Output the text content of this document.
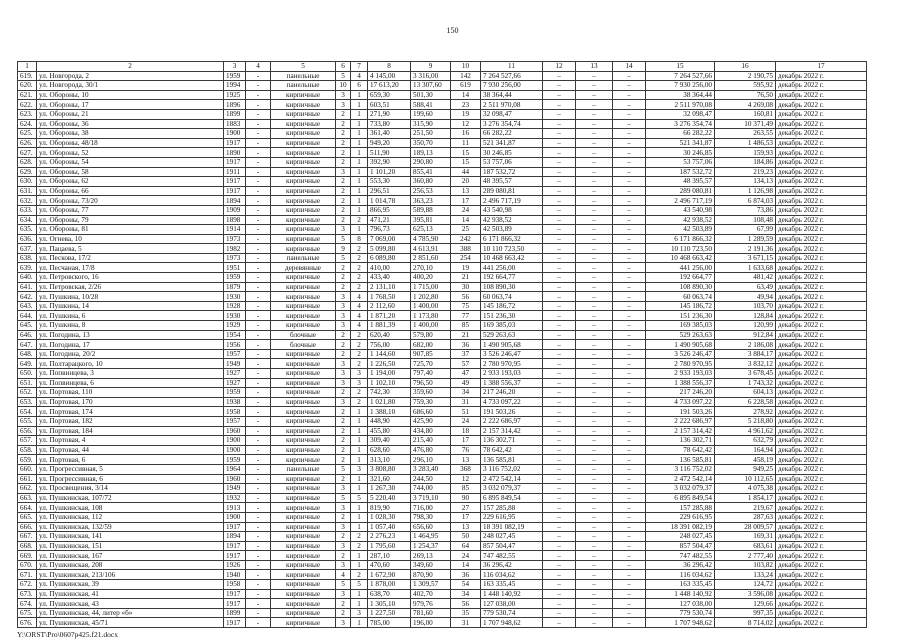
150
1	2	3	4	5	6	7	8	9	10	11	12	13	14	15	16	17
619.	ул. Новгорода, 2	1959	-	панельные	5	4	4 145,00	3 316,00	142	7 264 527,66	–	–	–	7 264 527,66	2 190,75	декабрь 2022 г.
620.	ул. Новгорода, 30/1	1994	-	панельные	10	6	17 613,20	13 307,60	619	7 930 256,00	–	–	–	7 930 256,00	595,92	декабрь 2022 г.
621.	ул. Обороны, 10	1925	-	кирпичные	3	1	659,30	501,30	14	38 364,44	–	–	–	38 364,44	76,50	декабрь 2022 г.
622.	ул. Обороны, 17	1896	-	кирпичные	3	1	603,51	588,41	23	2 511 970,08	–	–	–	2 511 970,08	4 269,08	декабрь 2022 г.
623.	ул. Обороны, 21	1899	-	кирпичные	2	1	271,90	199,60	19	32 098,47	–	–	–	32 098,47	160,81	декабрь 2022 г.
624.	ул. Обороны, 36	1883	-	кирпичные	2	1	733,80	315,90	12	3 276 354,74	–	–	–	3 276 354,74	10 371,49	декабрь 2022 г.
625.	ул. Обороны, 38	1900	-	кирпичные	2	1	361,40	251,50	16	66 282,22	–	–	–	66 282,22	263,55	декабрь 2022 г.
626.	ул. Обороны, 48/18	1917	-	кирпичные	2	1	949,20	350,70	11	521 341,87	–	–	–	521 341,87	1 486,53	декабрь 2022 г.
627.	ул. Обороны, 52	1890	-	кирпичные	2	1	511,90	189,13	15	30 246,85	–	–	–	30 246,85	159,93	декабрь 2022 г.
628.	ул. Обороны, 54	1917	-	кирпичные	2	1	392,90	290,80	15	53 757,06	–	–	–	53 757,06	184,86	декабрь 2022 г.
629.	ул. Обороны, 58	1911	-	кирпичные	3	1	1 101,20	855,41	44	187 532,72	–	–	–	187 532,72	219,23	декабрь 2022 г.
630.	ул. Обороны, 62	1917	-	кирпичные	2	1	553,30	360,80	20	48 395,57	–	–	–	48 395,57	134,13	декабрь 2022 г.
631.	ул. Обороны, 66	1917	-	кирпичные	2	1	296,51	256,53	13	289 080,81	–	–	–	289 080,81	1 126,98	декабрь 2022 г.
632.	ул. Обороны, 73/20	1894	-	кирпичные	2	1	1 014,78	363,23	17	2 496 717,19	–	–	–	2 496 717,19	6 874,03	декабрь 2022 г.
633.	ул. Обороны, 77	1909	-	кирпичные	2	1	866,95	589,88	24	43 540,98	–	–	–	43 540,98	73,86	декабрь 2022 г.
634.	ул. Обороны, 79	1898	-	кирпичные	2	2	471,21	395,81	14	42 938,52	–	–	–	42 938,52	108,48	декабрь 2022 г.
635.	ул. Обороны, 81	1914	-	кирпичные	3	1	796,73	625,13	25	42 503,89	–	–	–	42 503,89	67,99	декабрь 2022 г.
636.	ул. Огнева, 10	1973	-	кирпичные	5	8	7 069,00	4 785,90	242	6 171 866,32	–	–	–	6 171 866,32	1 289,59	декабрь 2022 г.
637.	ул. Пацаева, 5	1982	-	кирпичные	9	2	5 099,80	4 613,91	388	10 110 723,50	–	–	–	10 110 723,50	2 191,36	декабрь 2022 г.
638.	ул. Пескова, 17/2	1973	-	панельные	5	2	6 089,80	2 851,60	254	10 468 663,42	–	–	–	10 468 663,42	3 671,15	декабрь 2022 г.
639.	ул. Песчаная, 17/8	1951	-	деревянные	2	2	410,00	270,10	19	441 256,00	–	–	–	441 256,00	1 633,68	декабрь 2022 г.
640.	ул. Петровского, 16	1959	-	кирпичные	2	2	433,40	400,20	21	192 664,77	–	–	–	192 664,77	481,42	декабрь 2022 г.
641.	ул. Петровская, 2/26	1879	-	кирпичные	2	2	2 131,10	1 715,00	30	108 890,30	–	–	–	108 890,30	63,49	декабрь 2022 г.
642.	ул. Пушкина, 10/28	1930	-	кирпичные	3	4	1 768,50	1 202,80	56	60 063,74	–	–	–	60 063,74	49,94	декабрь 2022 г.
643.	ул. Пушкина, 14	1928	-	кирпичные	3	4	2 112,60	1 400,00	75	145 186,72	–	–	–	145 186,72	103,70	декабрь 2022 г.
644.	ул. Пушкина, 6	1930	-	кирпичные	3	4	1 871,20	1 173,80	77	151 236,30	–	–	–	151 236,30	128,84	декабрь 2022 г.
645.	ул. Пушкина, 8	1929	-	кирпичные	3	4	1 881,39	1 400,00	85	169 385,03	–	–	–	169 385,03	120,99	декабрь 2022 г.
646.	ул. Погодина, 13	1954	-	блочные	2	2	620,40	579,80	21	529 263,63	–	–	–	529 263,63	912,84	декабрь 2022 г.
647.	ул. Погодина, 17	1956	-	блочные	2	2	756,00	682,00	36	1 490 905,68	–	–	–	1 490 905,68	2 186,08	декабрь 2022 г.
648.	ул. Погодина, 20/2	1957	-	кирпичные	2	2	1 144,60	907,85	37	3 526 246,47	–	–	–	3 526 246,47	3 884,17	декабрь 2022 г.
649.	ул. Полтарацкого, 10	1949	-	кирпичные	3	2	1 226,50	725,70	57	2 780 970,95	–	–	–	2 780 970,95	3 832,12	декабрь 2022 г.
650.	ул. Попвинцева, 3	1927	-	кирпичные	3	3	1 194,00	797,40	47	2 933 193,03	–	–	–	2 933 193,03	3 678,45	декабрь 2022 г.
651.	ул. Попвинцева, 6	1927	-	кирпичные	3	3	1 102,10	796,50	49	1 388 556,37	–	–	–	1 388 556,37	1 743,32	декабрь 2022 г.
652.	ул. Портовая, 110	1959	-	кирпичные	2	2	742,30	359,60	34	217 246,20	–	–	–	217 246,20	604,13	декабрь 2022 г.
653.	ул. Портовая, 170	1938	-	кирпичные	3	2	1 021,80	759,30	31	4 733 097,22	–	–	–	4 733 097,22	6 228,58	декабрь 2022 г.
654.	ул. Портовая, 174	1958	-	кирпичные	2	1	1 388,10	686,60	51	191 503,26	–	–	–	191 503,26	278,92	декабрь 2022 г.
655.	ул. Портовая, 182	1957	-	кирпичные	2	1	448,90	425,90	24	2 222 686,97	–	–	–	2 222 686,97	5 218,80	декабрь 2022 г.
656.	ул. Портовая, 184	1960	-	кирпичные	2	1	455,80	434,80	18	2 157 314,42	–	–	–	2 157 314,42	4 961,62	декабрь 2022 г.
657.	ул. Портовая, 4	1900	-	кирпичные	2	1	309,40	215,40	17	136 302,71	–	–	–	136 302,71	632,79	декабрь 2022 г.
658.	ул. Портовая, 44	1900	-	кирпичные	2	1	628,60	476,80	76	78 642,42	–	–	–	78 642,42	164,94	декабрь 2022 г.
659.	ул. Портовая, 6	1959	-	кирпичные	2	1	313,10	296,10	13	136 585,81	–	–	–	136 585,81	458,19	декабрь 2022 г.
660.	ул. Прогрессивная, 5	1964	-	панельные	5	3	3 808,80	3 283,40	368	3 116 752,02	–	–	–	3 116 752,02	949,25	декабрь 2022 г.
661.	ул. Прогрессивная, 6	1960	-	кирпичные	2	1	321,60	244,50	12	2 472 542,14	–	–	–	2 472 542,14	10 112,65	декабрь 2022 г.
662.	ул. Просвещения, 3/14	1949	-	кирпичные	3	1	1 267,30	744,00	85	3 032 079,37	–	–	–	3 032 079,37	4 075,38	декабрь 2022 г.
663.	ул. Пушкинская, 107/72	1932	-	кирпичные	5	5	5 220,40	3 719,10	90	6 895 849,54	–	–	–	6 895 849,54	1 854,17	декабрь 2022 г.
664.	ул. Пушкинская, 108	1913	-	кирпичные	3	1	819,90	716,00	27	157 285,88	–	–	–	157 285,88	219,67	декабрь 2022 г.
665.	ул. Пушкинская, 112	1900	-	кирпичные	2	1	1 028,30	798,30	17	229 616,95	–	–	–	229 616,95	287,63	декабрь 2022 г.
666.	ул. Пушкинская, 132/59	1917	-	кирпичные	3	1	1 057,40	656,60	13	18 391 082,19	–	–	–	18 391 082,19	28 009,57	декабрь 2022 г.
667.	ул. Пушкинская, 141	1894	-	кирпичные	2	2	2 276,23	1 464,95	50	248 027,45	–	–	–	248 027,45	169,31	декабрь 2022 г.
668.	ул. Пушкинская, 151	1917	-	кирпичные	3	2	1 795,60	1 254,37	64	857 504,47	–	–	–	857 504,47	683,61	декабрь 2022 г.
669.	ул. Пушкинская, 167	1917	-	кирпичные	2	1	287,10	269,13	24	747 482,55	–	–	–	747 482,55	2 777,40	декабрь 2022 г.
670.	ул. Пушкинская, 208	1926	-	кирпичные	3	1	470,60	349,60	14	36 296,42	–	–	–	36 296,42	103,82	декабрь 2022 г.
671.	ул. Пушкинская, 213/106	1940	-	кирпичные	4	2	1 672,90	870,90	36	116 034,62	–	–	–	116 034,62	133,24	декабрь 2022 г.
672.	ул. Пушкинская, 39	1958	-	кирпичные	5	5	1 878,00	1 309,57	54	163 335,45	–	–	–	163 335,45	124,72	декабрь 2022 г.
673.	ул. Пушкинская, 41	1917	-	кирпичные	3	1	638,70	402,70	34	1 448 140,92	–	–	–	1 448 140,92	3 596,08	декабрь 2022 г.
674.	ул. Пушкинская, 43	1917	-	кирпичные	2	1	1 305,10	979,76	56	127 038,00	–	–	–	127 038,00	129,66	декабрь 2022 г.
675.	ул. Пушкинская, 44, литер «б»	1899	-	кирпичные	2	3	1 227,50	781,60	35	779 530,74	–	–	–	779 530,74	997,35	декабрь 2022 г.
676.	ул. Пушкинская, 45/71	1917	-	кирпичные	3	1	785,00	196,00	31	1 707 948,62	–	–	–	1 707 948,62	8 714,02	декабрь 2022 г.
Y:\ORST\Pro\0607p425.f21.docx
